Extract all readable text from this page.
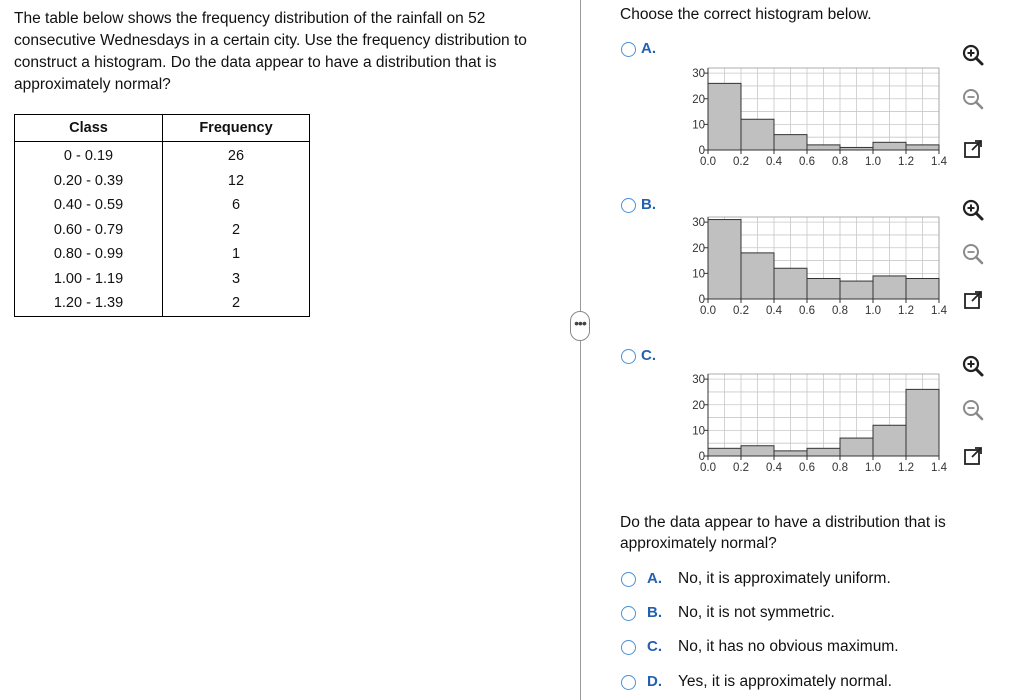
The table below shows the frequency distribution of the rainfall on 52 consecutive Wednesdays in a certain city. Use the frequency distribution to construct a histogram. Do the data appear to have a distribution that is approximately normal?

Class	Frequency
0 - 0.19	26
0.20 - 0.39	12
0.40 - 0.59	6
0.60 - 0.79	2
0.80 - 0.99	1
1.00 - 1.19	3
1.20 - 1.39	2
•••

Choose the correct histogram below.

A.
0
10
20
30
0.0 0.2 0.4 0.6 0.8 1.0 1.2 1.4
B.
0
10
20
30
0.0 0.2 0.4 0.6 0.8 1.0 1.2 1.4
C.
0
10
20
30
0.0 0.2 0.4 0.6 0.8 1.0 1.2 1.4

Do the data appear to have a distribution that is approximately normal?

A. No, it is approximately uniform.
B. No, it is not symmetric.
C. No, it has no obvious maximum.
D. Yes, it is approximately normal.
